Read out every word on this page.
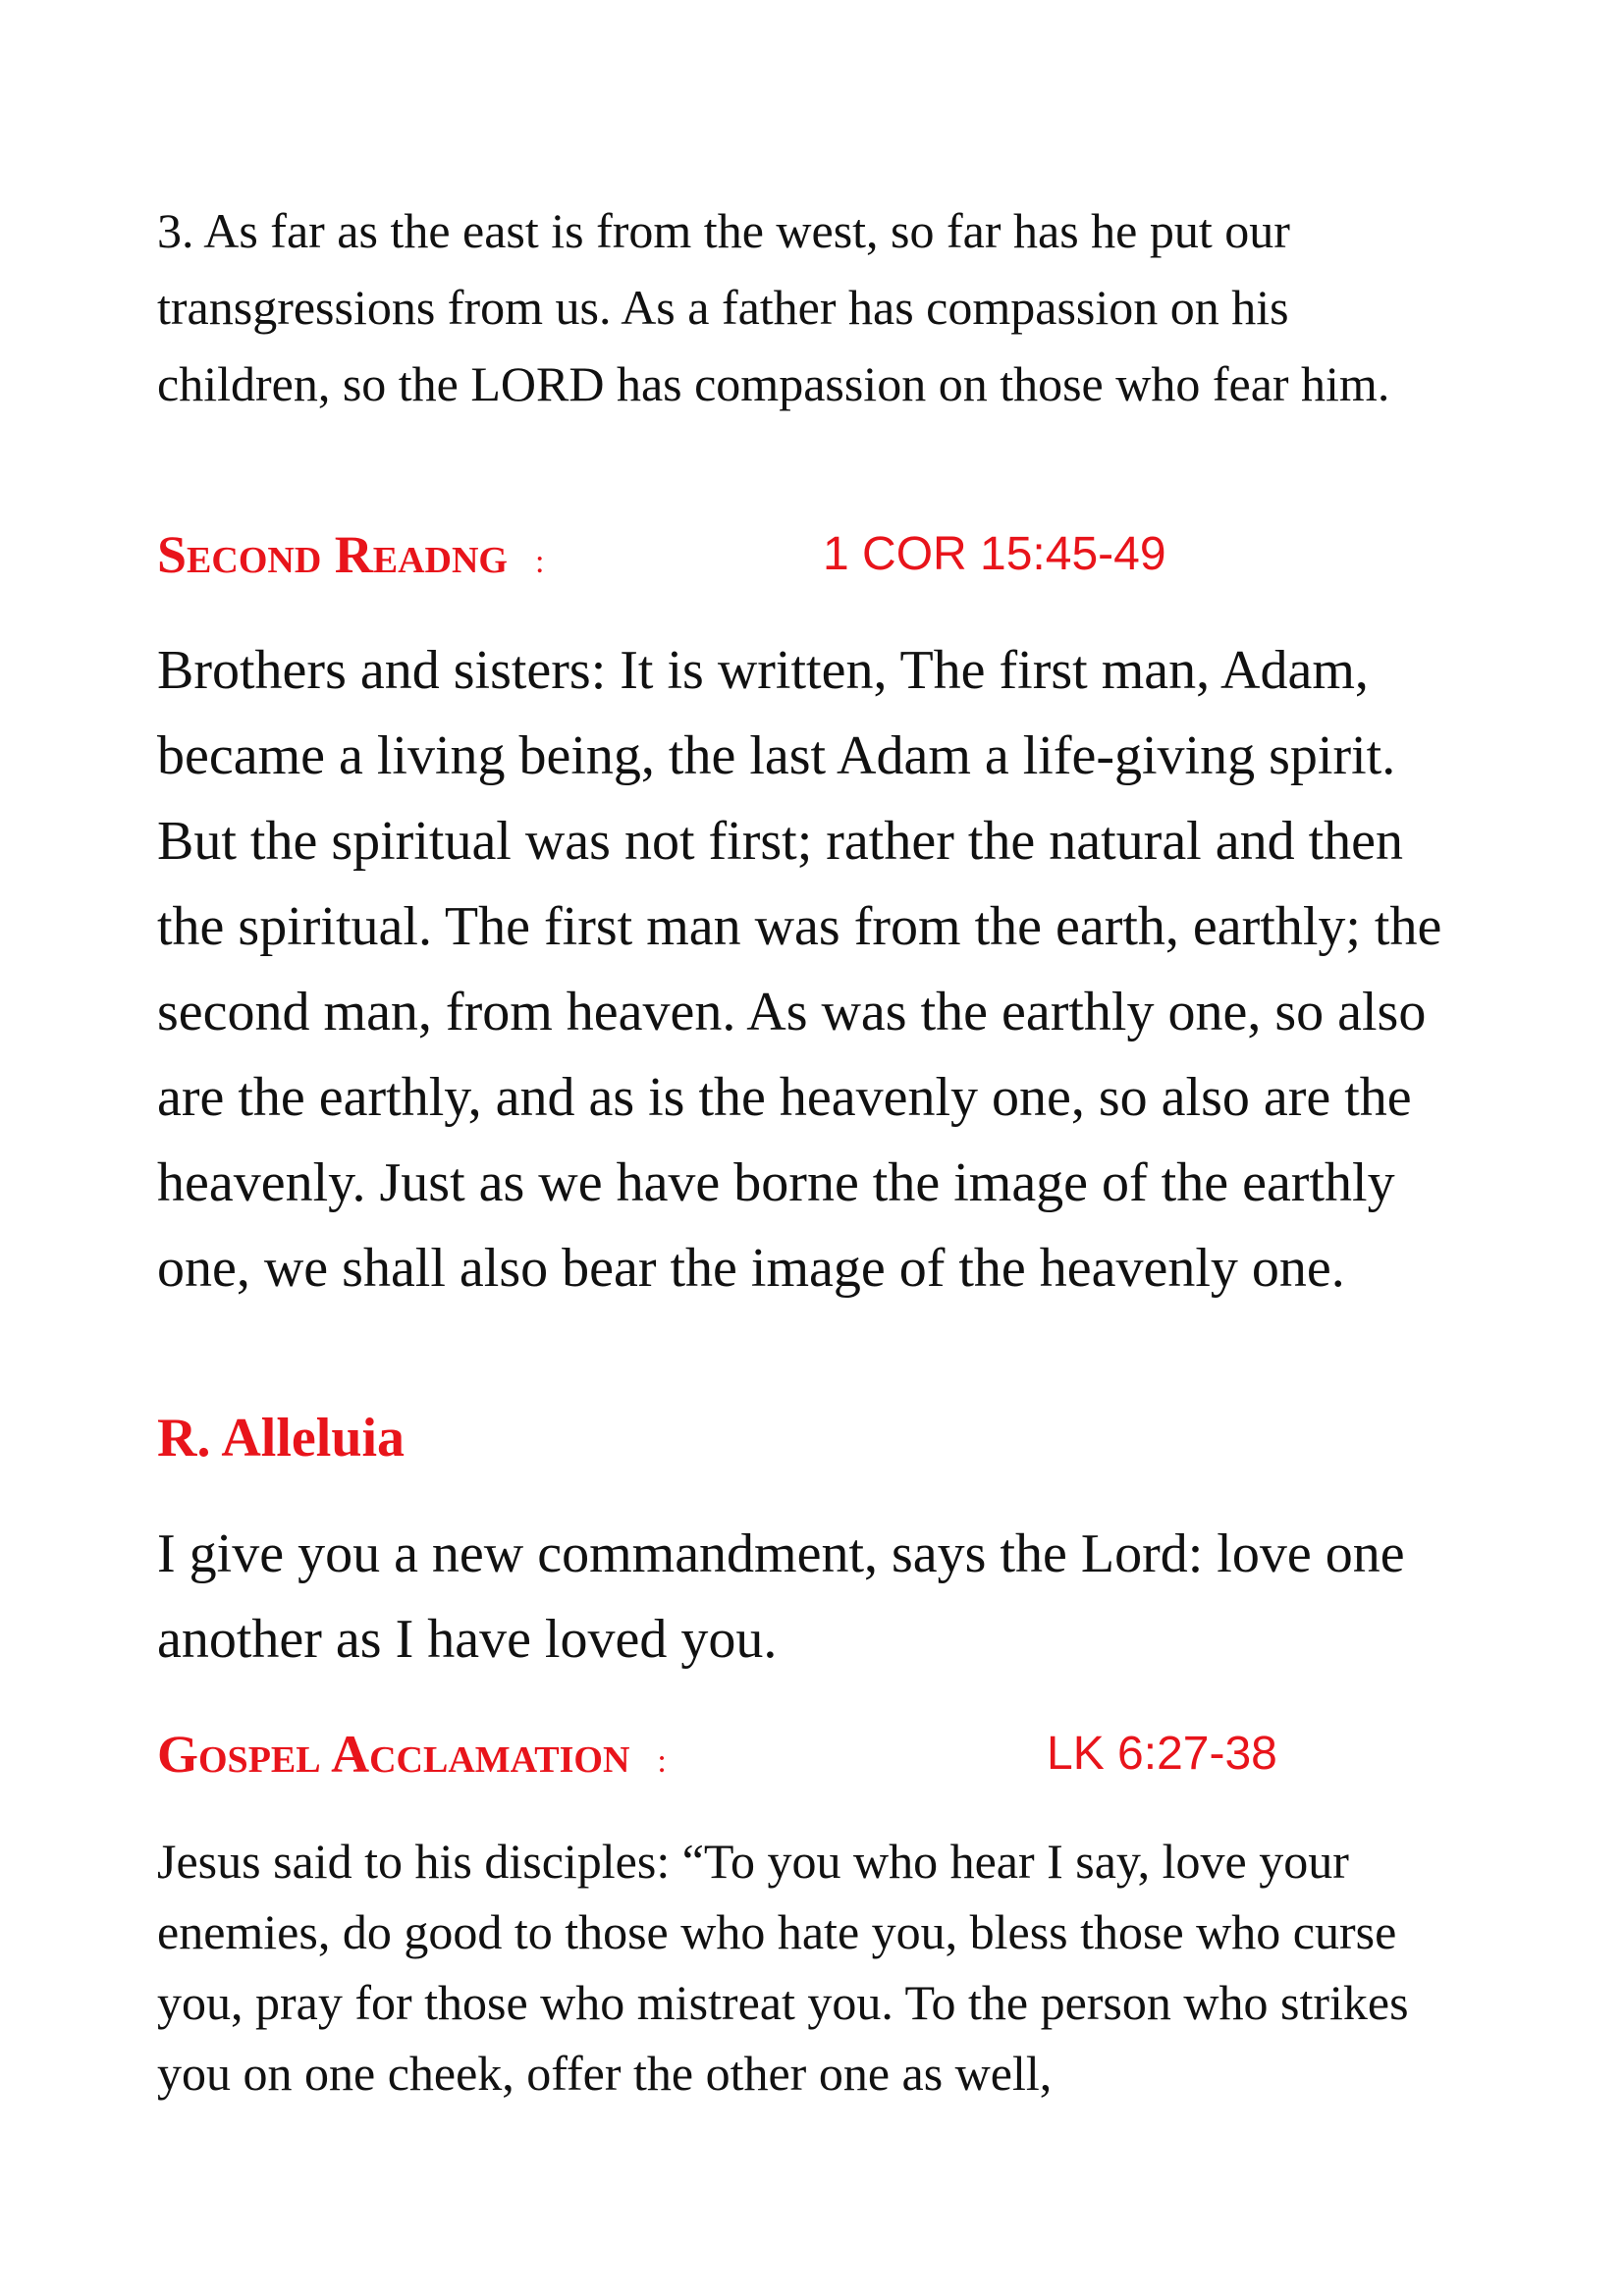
3. As far as the east is from the west, so far has he put our transgressions from us. As a father has compassion on his children, so the LORD has compassion on those who fear him.

Second Readng :	1 COR 15:45-49

Brothers and sisters: It is written, The first man, Adam, became a living being, the last Adam a life-giving spirit. But the spiritual was not first; rather the natural and then the spiritual. The first man was from the earth, earthly; the second man, from heaven. As was the earthly one, so also are the earthly, and as is the heavenly one, so also are the heavenly. Just as we have borne the image of the earthly one, we shall also bear the image of the heavenly one.

R. Alleluia

I give you a new commandment, says the Lord: love one another as I have loved you.

Gospel Acclamation :	LK 6:27-38

Jesus said to his disciples: “To you who hear I say, love your enemies, do good to those who hate you, bless those who curse you, pray for those who mistreat you. To the person who strikes you on one cheek, offer the other one as well,
